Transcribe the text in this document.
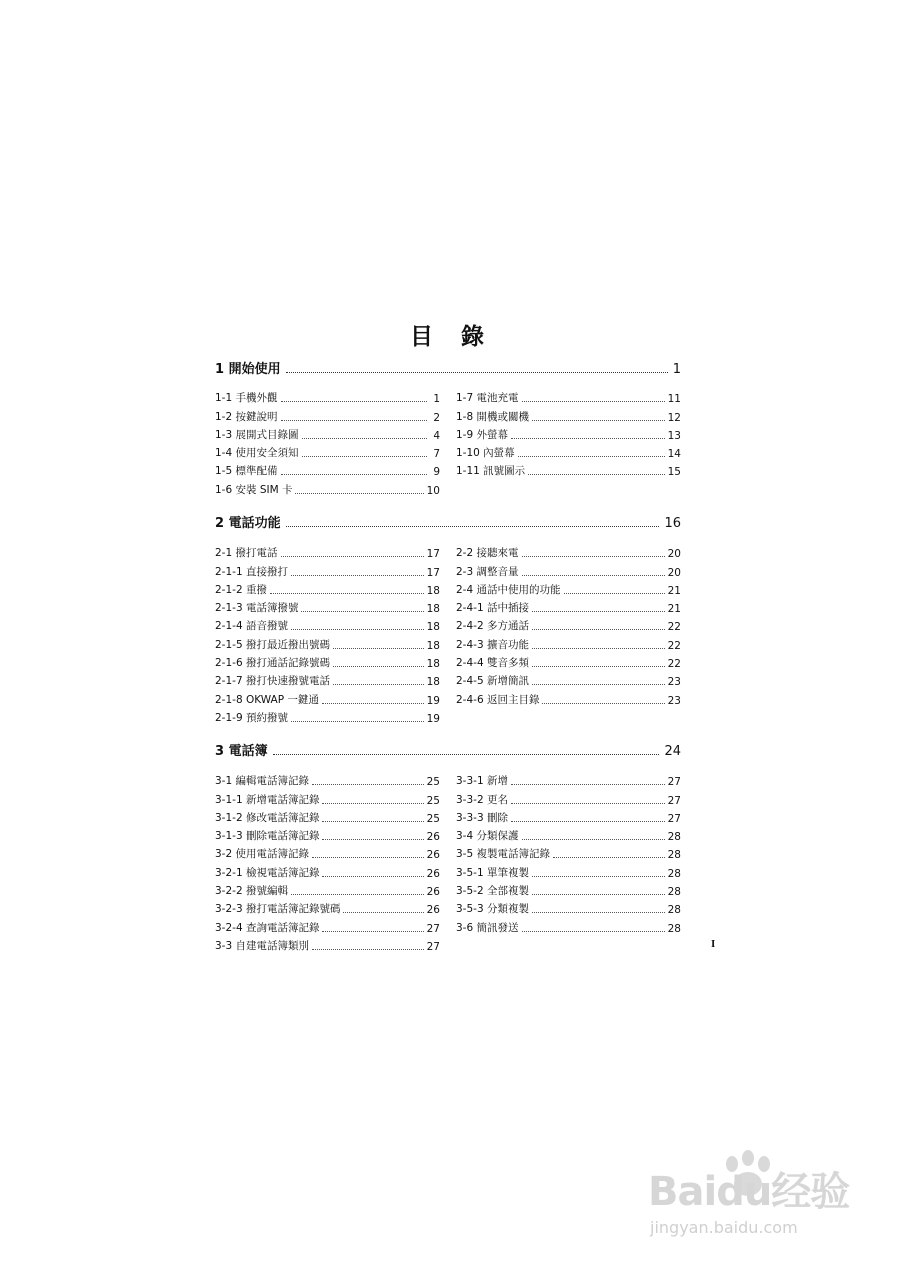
目 錄
1 開始使用	1
1-1 手機外觀	1
1-2 按鍵說明	2
1-3 展開式目錄圖	4
1-4 使用安全須知	7
1-5 標準配備	9
1-6 安裝 SIM 卡	10
1-7 電池充電	11
1-8 開機或關機	12
1-9 外螢幕	13
1-10 內螢幕	14
1-11 訊號圖示	15
2 電話功能	16
2-1 撥打電話	17
2-1-1 直接撥打	17
2-1-2 重撥	18
2-1-3 電話簿撥號	18
2-1-4 語音撥號	18
2-1-5 撥打最近撥出號碼	18
2-1-6 撥打通話記錄號碼	18
2-1-7 撥打快速撥號電話	18
2-1-8 OKWAP 一鍵通	19
2-1-9 預約撥號	19
2-2 接聽來電	20
2-3 調整音量	20
2-4 通話中使用的功能	21
2-4-1 話中插接	21
2-4-2 多方通話	22
2-4-3 擴音功能	22
2-4-4 雙音多頻	22
2-4-5 新增簡訊	23
2-4-6 返回主目錄	23
3 電話簿	24
3-1 編輯電話簿記錄	25
3-1-1 新增電話簿記錄	25
3-1-2 修改電話簿記錄	25
3-1-3 刪除電話簿記錄	26
3-2 使用電話簿記錄	26
3-2-1 檢視電話簿記錄	26
3-2-2 撥號編輯	26
3-2-3 撥打電話簿記錄號碼	26
3-2-4 查詢電話簿記錄	27
3-3 自建電話簿類別	27
3-3-1 新增	27
3-3-2 更名	27
3-3-3 刪除	27
3-4 分類保護	28
3-5 複製電話簿記錄	28
3-5-1 單筆複製	28
3-5-2 全部複製	28
3-5-3 分類複製	28
3-6 簡訊發送	28
I
Baidu经验
jingyan.baidu.com
